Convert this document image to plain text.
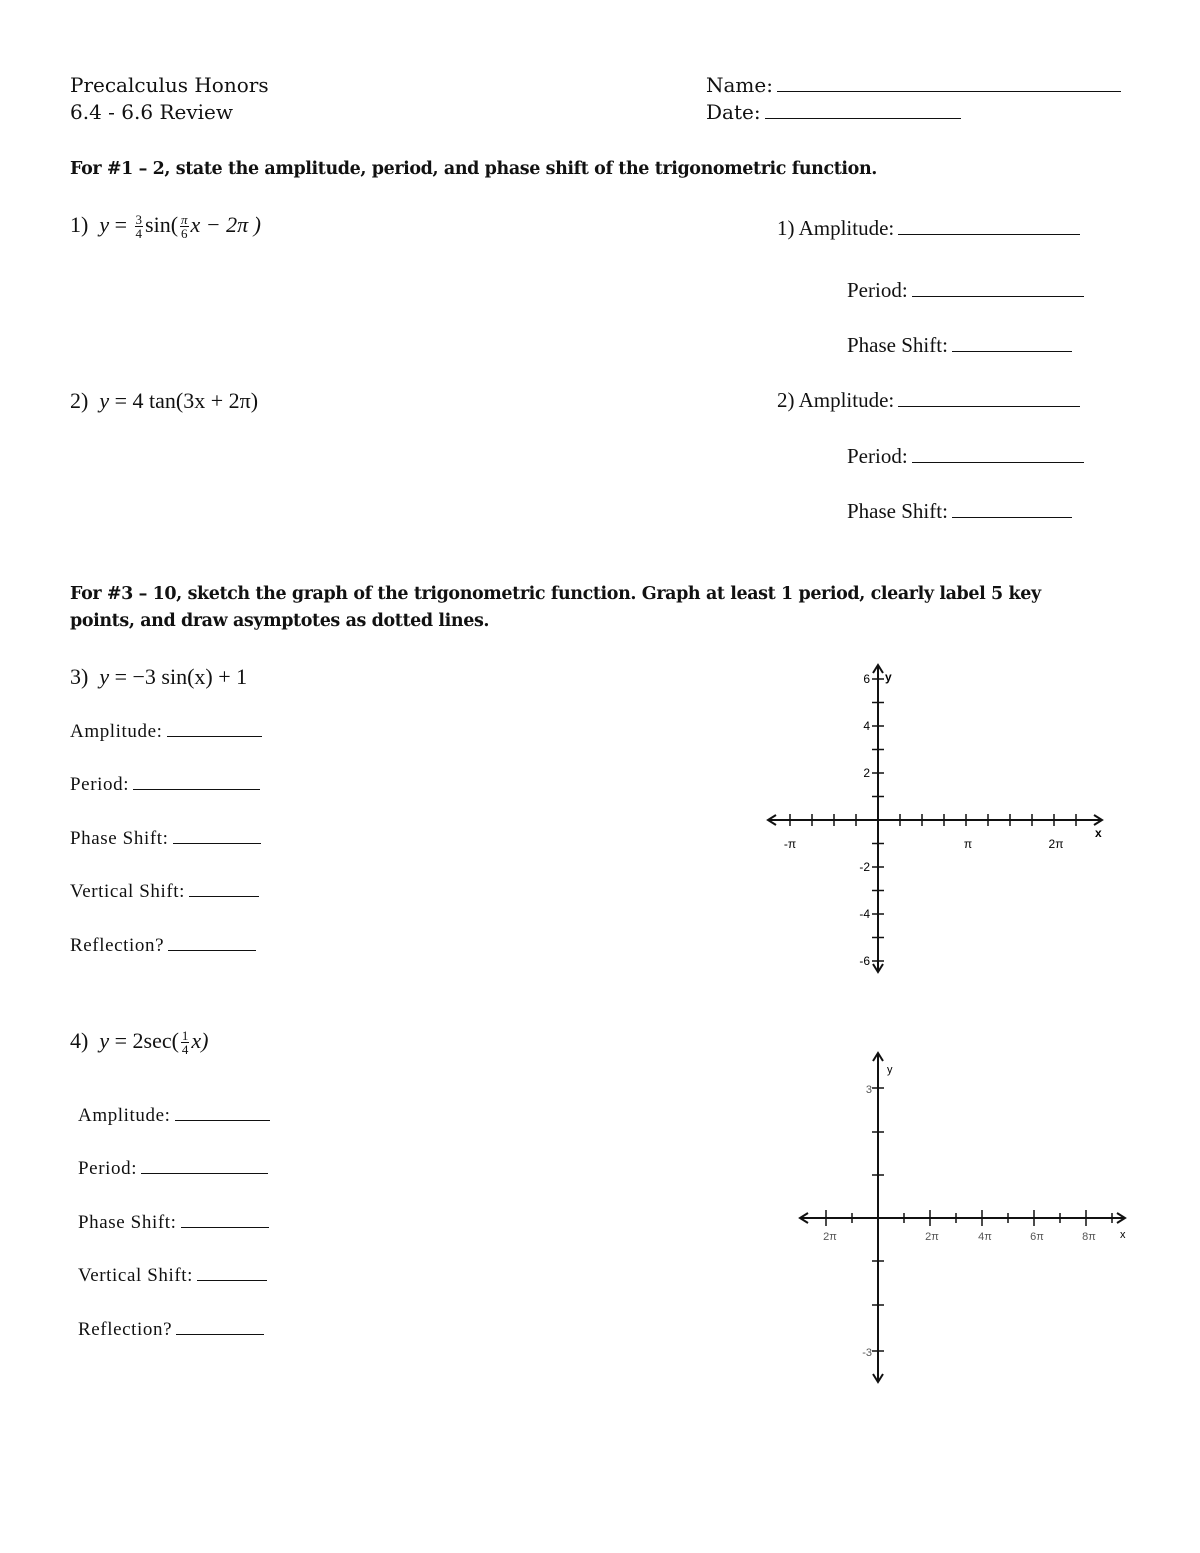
Precalculus Honors
6.4 - 6.6 Review
Name:
Date:
For #1 – 2, state the amplitude, period, and phase shift of the trigonometric function.
1) $y = \frac{3}{4} \sin( \frac{\pi}{6}$ x − 2π )	1) Amplitude:
Period:
Phase Shift:
2) y = 4 tan(3x + 2π)	2) Amplitude:
Period:
Phase Shift:
For #3 – 10, sketch the graph of the trigonometric function. Graph at least 1 period, clearly label 5 key
points, and draw asymptotes as dotted lines.
3) y = −3 sin(x) + 1
Amplitude:
Period:
Phase Shift:
Vertical Shift:
Reflection?
y
x
6
4
2
-2
-4
-6
-π	π	2π
4) $y = 2\sec( \frac{1}{4} x)$
Amplitude:
Period:
Phase Shift:
Vertical Shift:
Reflection?
y
x
3
-3
2π	2π	4π	6π	8π
